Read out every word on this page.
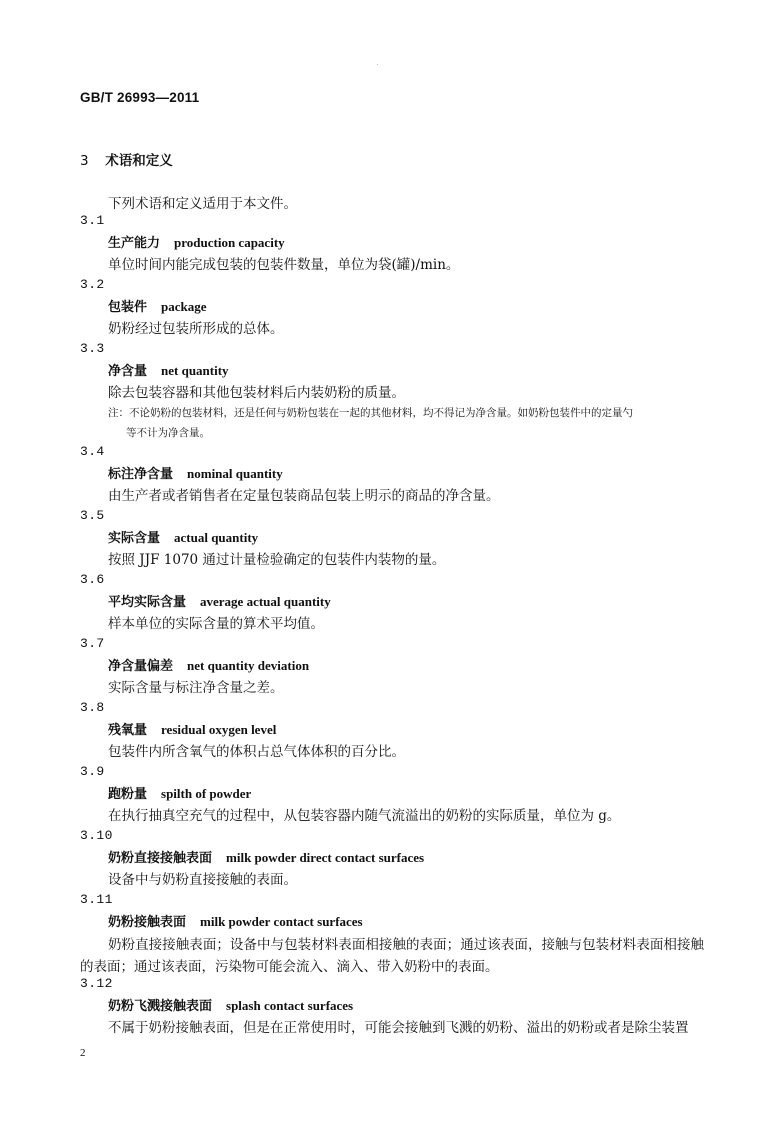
GB/T 26993—2011
3 术语和定义
下列术语和定义适用于本文件。
3.1
生产能力 production capacity
单位时间内能完成包装的包装件数量，单位为袋(罐)/min。
3.2
包装件 package
奶粉经过包装所形成的总体。
3.3
净含量 net quantity
除去包装容器和其他包装材料后内装奶粉的质量。
注：不论奶粉的包装材料，还是任何与奶粉包装在一起的其他材料，均不得记为净含量。如奶粉包装件中的定量勺
等不计为净含量。
3.4
标注净含量 nominal quantity
由生产者或者销售者在定量包装商品包装上明示的商品的净含量。
3.5
实际含量 actual quantity
按照 JJF 1070 通过计量检验确定的包装件内装物的量。
3.6
平均实际含量 average actual quantity
样本单位的实际含量的算术平均值。
3.7
净含量偏差 net quantity deviation
实际含量与标注净含量之差。
3.8
残氧量 residual oxygen level
包装件内所含氧气的体积占总气体体积的百分比。
3.9
跑粉量 spilth of powder
在执行抽真空充气的过程中，从包装容器内随气流溢出的奶粉的实际质量，单位为 g。
3.10
奶粉直接接触表面 milk powder direct contact surfaces
设备中与奶粉直接接触的表面。
3.11
奶粉接触表面 milk powder contact surfaces
奶粉直接接触表面；设备中与包装材料表面相接触的表面；通过该表面，接触与包装材料表面相接触的表面；通过该表面，污染物可能会流入、滴入、带入奶粉中的表面。
3.12
奶粉飞溅接触表面 splash contact surfaces
不属于奶粉接触表面，但是在正常使用时，可能会接触到飞溅的奶粉、溢出的奶粉或者是除尘装置
2
